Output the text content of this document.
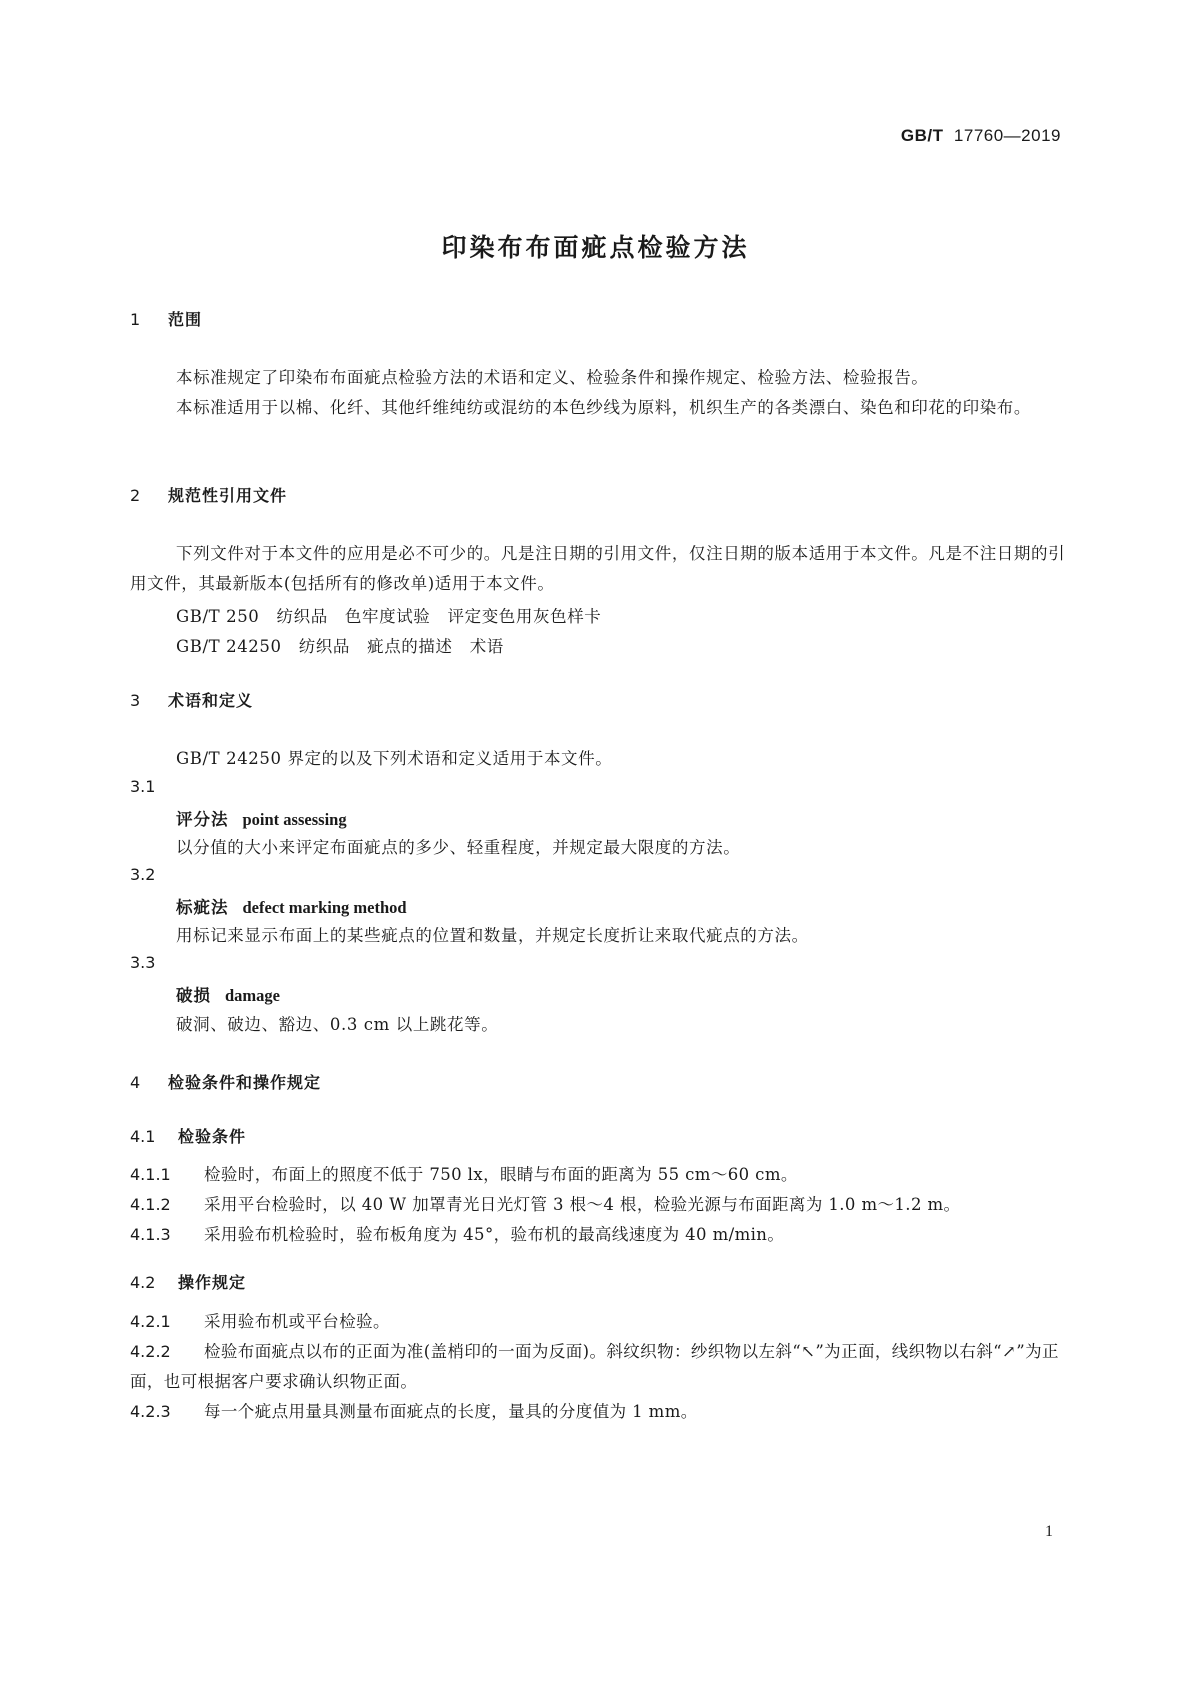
GB/T 17760—2019
印染布布面疵点检验方法
1 范围
本标准规定了印染布布面疵点检验方法的术语和定义、检验条件和操作规定、检验方法、检验报告。
本标准适用于以棉、化纤、其他纤维纯纺或混纺的本色纱线为原料，机织生产的各类漂白、染色和印花的印染布。
2 规范性引用文件
下列文件对于本文件的应用是必不可少的。凡是注日期的引用文件，仅注日期的版本适用于本文件。凡是不注日期的引用文件，其最新版本(包括所有的修改单)适用于本文件。
GB/T 250　纺织品　色牢度试验　评定变色用灰色样卡
GB/T 24250　纺织品　疵点的描述　术语
3 术语和定义
GB/T 24250 界定的以及下列术语和定义适用于本文件。
3.1
评分法 point assessing
以分值的大小来评定布面疵点的多少、轻重程度，并规定最大限度的方法。
3.2
标疵法 defect marking method
用标记来显示布面上的某些疵点的位置和数量，并规定长度折让来取代疵点的方法。
3.3
破损 damage
破洞、破边、豁边、0.3 cm 以上跳花等。
4 检验条件和操作规定
4.1 检验条件
4.1.1 检验时，布面上的照度不低于 750 lx，眼睛与布面的距离为 55 cm～60 cm。
4.1.2 采用平台检验时，以 40 W 加罩青光日光灯管 3 根～4 根，检验光源与布面距离为 1.0 m～1.2 m。
4.1.3 采用验布机检验时，验布板角度为 45°，验布机的最高线速度为 40 m/min。
4.2 操作规定
4.2.1 采用验布机或平台检验。
4.2.2 检验布面疵点以布的正面为准(盖梢印的一面为反面)。斜纹织物：纱织物以左斜“↖”为正面，线织物以右斜“↗”为正面，也可根据客户要求确认织物正面。
4.2.3 每一个疵点用量具测量布面疵点的长度，量具的分度值为 1 mm。
1
